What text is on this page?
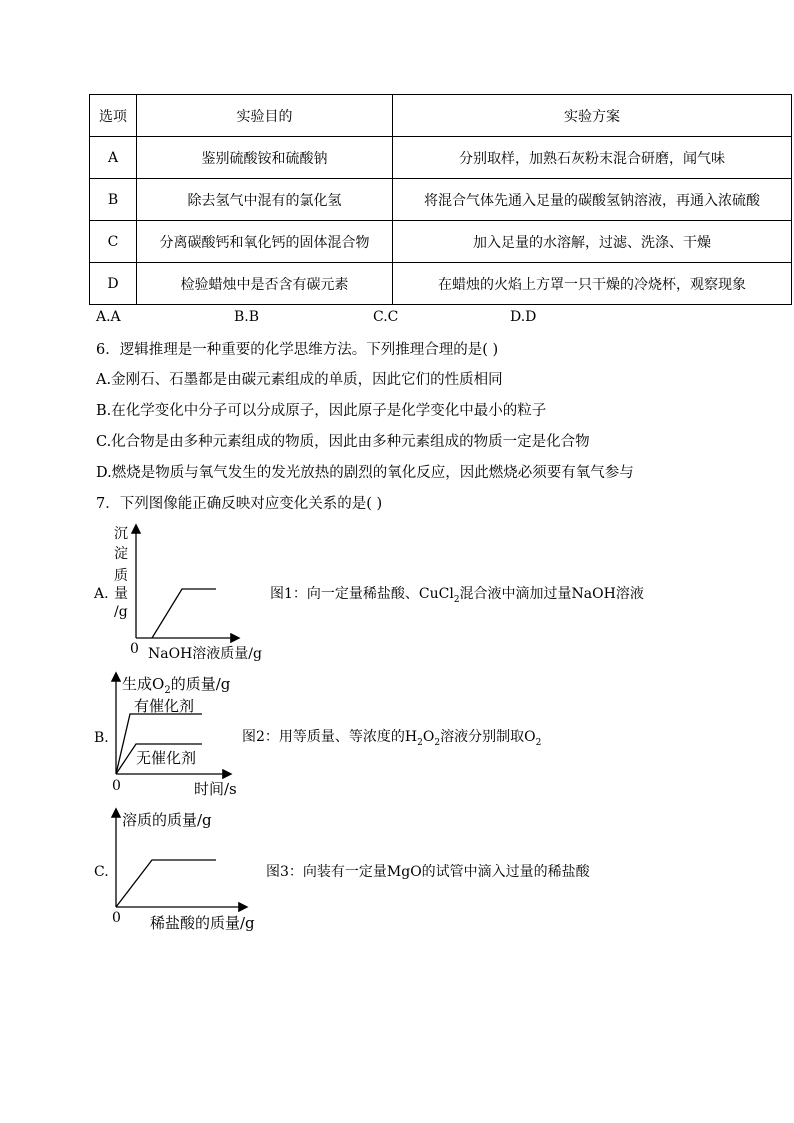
选项	实验目的	实验方案
A	鉴别硫酸铵和硫酸钠	分别取样，加熟石灰粉末混合研磨，闻气味
B	除去氢气中混有的氯化氢	将混合气体先通入足量的碳酸氢钠溶液，再通入浓硫酸
C	分离碳酸钙和氧化钙的固体混合物	加入足量的水溶解，过滤、洗涤、干燥
D	检验蜡烛中是否含有碳元素	在蜡烛的火焰上方罩一只干燥的冷烧杯，观察现象
A.A	B.B	C.C	D.D
6．逻辑推理是一种重要的化学思维方法。下列推理合理的是( )
A.金刚石、石墨都是由碳元素组成的单质，因此它们的性质相同
B.在化学变化中分子可以分成原子，因此原子是化学变化中最小的粒子
C.化合物是由多种元素组成的物质，因此由多种元素组成的物质一定是化合物
D.燃烧是物质与氧气发生的发光放热的剧烈的氧化反应，因此燃烧必须要有氧气参与
7．下列图像能正确反映对应变化关系的是( )
A.
沉
淀
质
量
/g
0 NaOH溶液质量/g
图1：向一定量稀盐酸、CuCl$_2$混合液中滴加过量NaOH溶液
B.
生成$O_2$的质量/g
有催化剂
无催化剂
0	时间/s
图2：用等质量、等浓度的$H_2O_2$溶液分别制取$O_2$
C.
溶质的质量/g
0 稀盐酸的质量/g
图3：向装有一定量MgO的试管中滴入过量的稀盐酸
